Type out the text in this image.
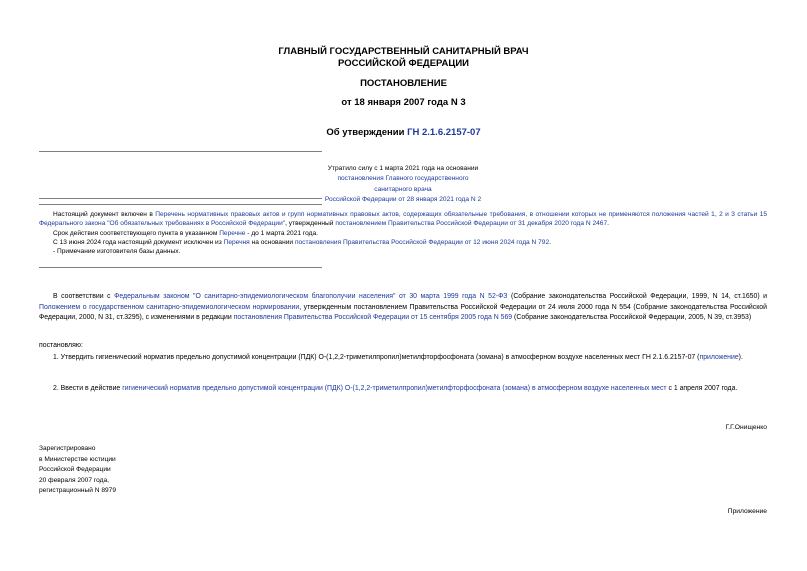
ГЛАВНЫЙ ГОСУДАРСТВЕННЫЙ САНИТАРНЫЙ ВРАЧ
РОССИЙСКОЙ ФЕДЕРАЦИИ
ПОСТАНОВЛЕНИЕ
от 18 января 2007 года N 3
Об утверждении ГН 2.1.6.2157-07
Утратило силу с 1 марта 2021 года на основании
постановления Главного государственного санитарного врача
Российской Федерации от 28 января 2021 года N 2
Настоящий документ включен в Перечень нормативных правовых актов и групп нормативных правовых актов, содержащих обязательные требования, в отношении которых не применяются положения частей 1, 2 и 3 статьи 15 Федерального закона "Об обязательных требованиях в Российской Федерации", утвержденный постановлением Правительства Российской Федерации от 31 декабря 2020 года N 2467.
Срок действия соответствующего пункта в указанном Перечне - до 1 марта 2021 года.
С 13 июня 2024 года настоящий документ исключен из Перечня на основании постановления Правительства Российской Федерации от 12 июня 2024 года N 792.
- Примечание изготовителя базы данных.
В соответствии с Федеральным законом "О санитарно-эпидемиологическом благополучии населения" от 30 марта 1999 года N 52-ФЗ (Собрание законодательства Российской Федерации, 1999, N 14, ст.1650) и Положением о государственном санитарно-эпидемиологическом нормировании, утвержденным постановлением Правительства Российской Федерации от 24 июля 2000 года N 554 (Собрание законодательства Российской Федерации, 2000, N 31, ст.3295), с изменениями в редакции постановления Правительства Российской Федерации от 15 сентября 2005 года N 569 (Собрание законодательства Российской Федерации, 2005, N 39, ст.3953)
постановляю:
1. Утвердить гигиенический норматив предельно допустимой концентрации (ПДК) О-(1,2,2-триметилпропил)метилфторфосфоната (зомана) в атмосферном воздухе населенных мест ГН 2.1.6.2157-07 (приложение).
2. Ввести в действие гигиенический норматив предельно допустимой концентрации (ПДК) О-(1,2,2-триметилпропил)метилфторфосфоната (зомана) в атмосферном воздухе населенных мест с 1 апреля 2007 года.
Г.Г.Онищенко
Зарегистрировано
в Министерстве юстиции
Российской Федерации
20 февраля 2007 года,
регистрационный N 8979
Приложение
